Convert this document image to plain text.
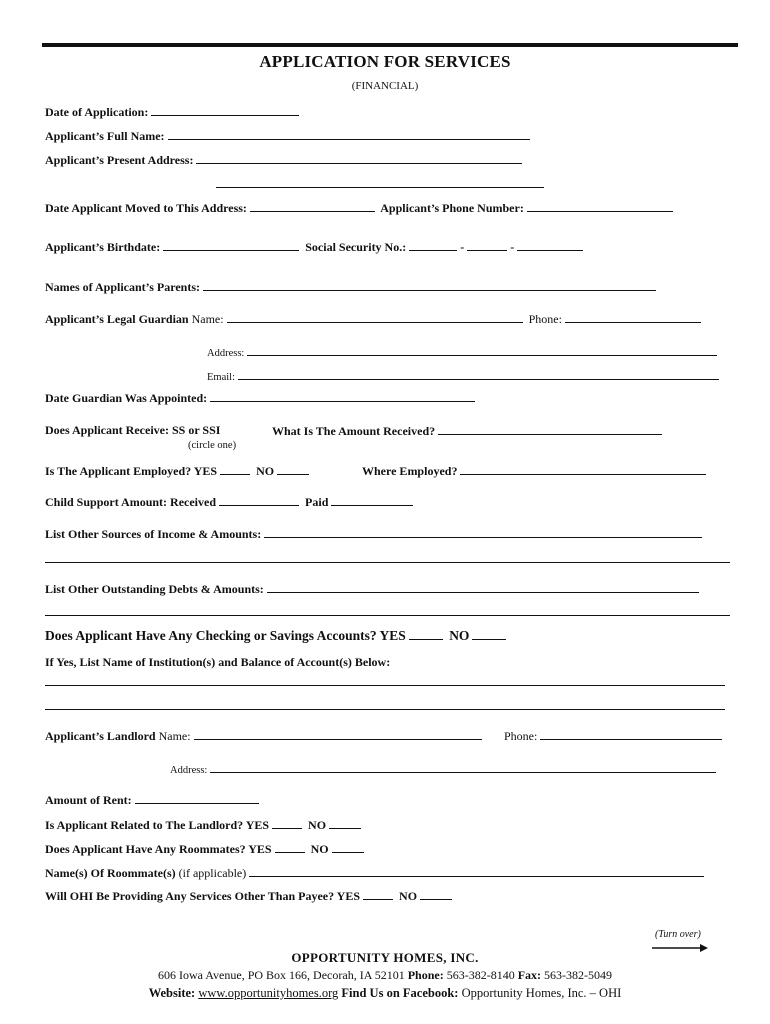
APPLICATION FOR SERVICES
(FINANCIAL)
Date of Application:
Applicant’s Full Name:
Applicant’s Present Address:
Date Applicant Moved to This Address:	Applicant’s Phone Number:
Applicant’s Birthdate:	Social Security No.:	-	-
Names of Applicant’s Parents:
Applicant’s Legal Guardian Name:	Phone:
Address:
Email:
Date Guardian Was Appointed:
Does Applicant Receive: SS or SSI
(circle one)
What Is The Amount Received?
Is The Applicant Employed? YES	NO	Where Employed?
Child Support Amount: Received	Paid
List Other Sources of Income & Amounts:
List Other Outstanding Debts & Amounts:
Does Applicant Have Any Checking or Savings Accounts? YES	NO
If Yes, List Name of Institution(s) and Balance of Account(s) Below:
Applicant’s Landlord Name:	Phone:
Address:
Amount of Rent:
Is Applicant Related to The Landlord? YES	NO
Does Applicant Have Any Roommates? YES	NO
Name(s) Of Roommate(s) (if applicable)
Will OHI Be Providing Any Services Other Than Payee? YES	NO
(Turn over)
OPPORTUNITY HOMES, INC.
606 Iowa Avenue, PO Box 166, Decorah, IA 52101 Phone: 563-382-8140 Fax: 563-382-5049
Website: www.opportunityhomes.org Find Us on Facebook: Opportunity Homes, Inc. – OHI
